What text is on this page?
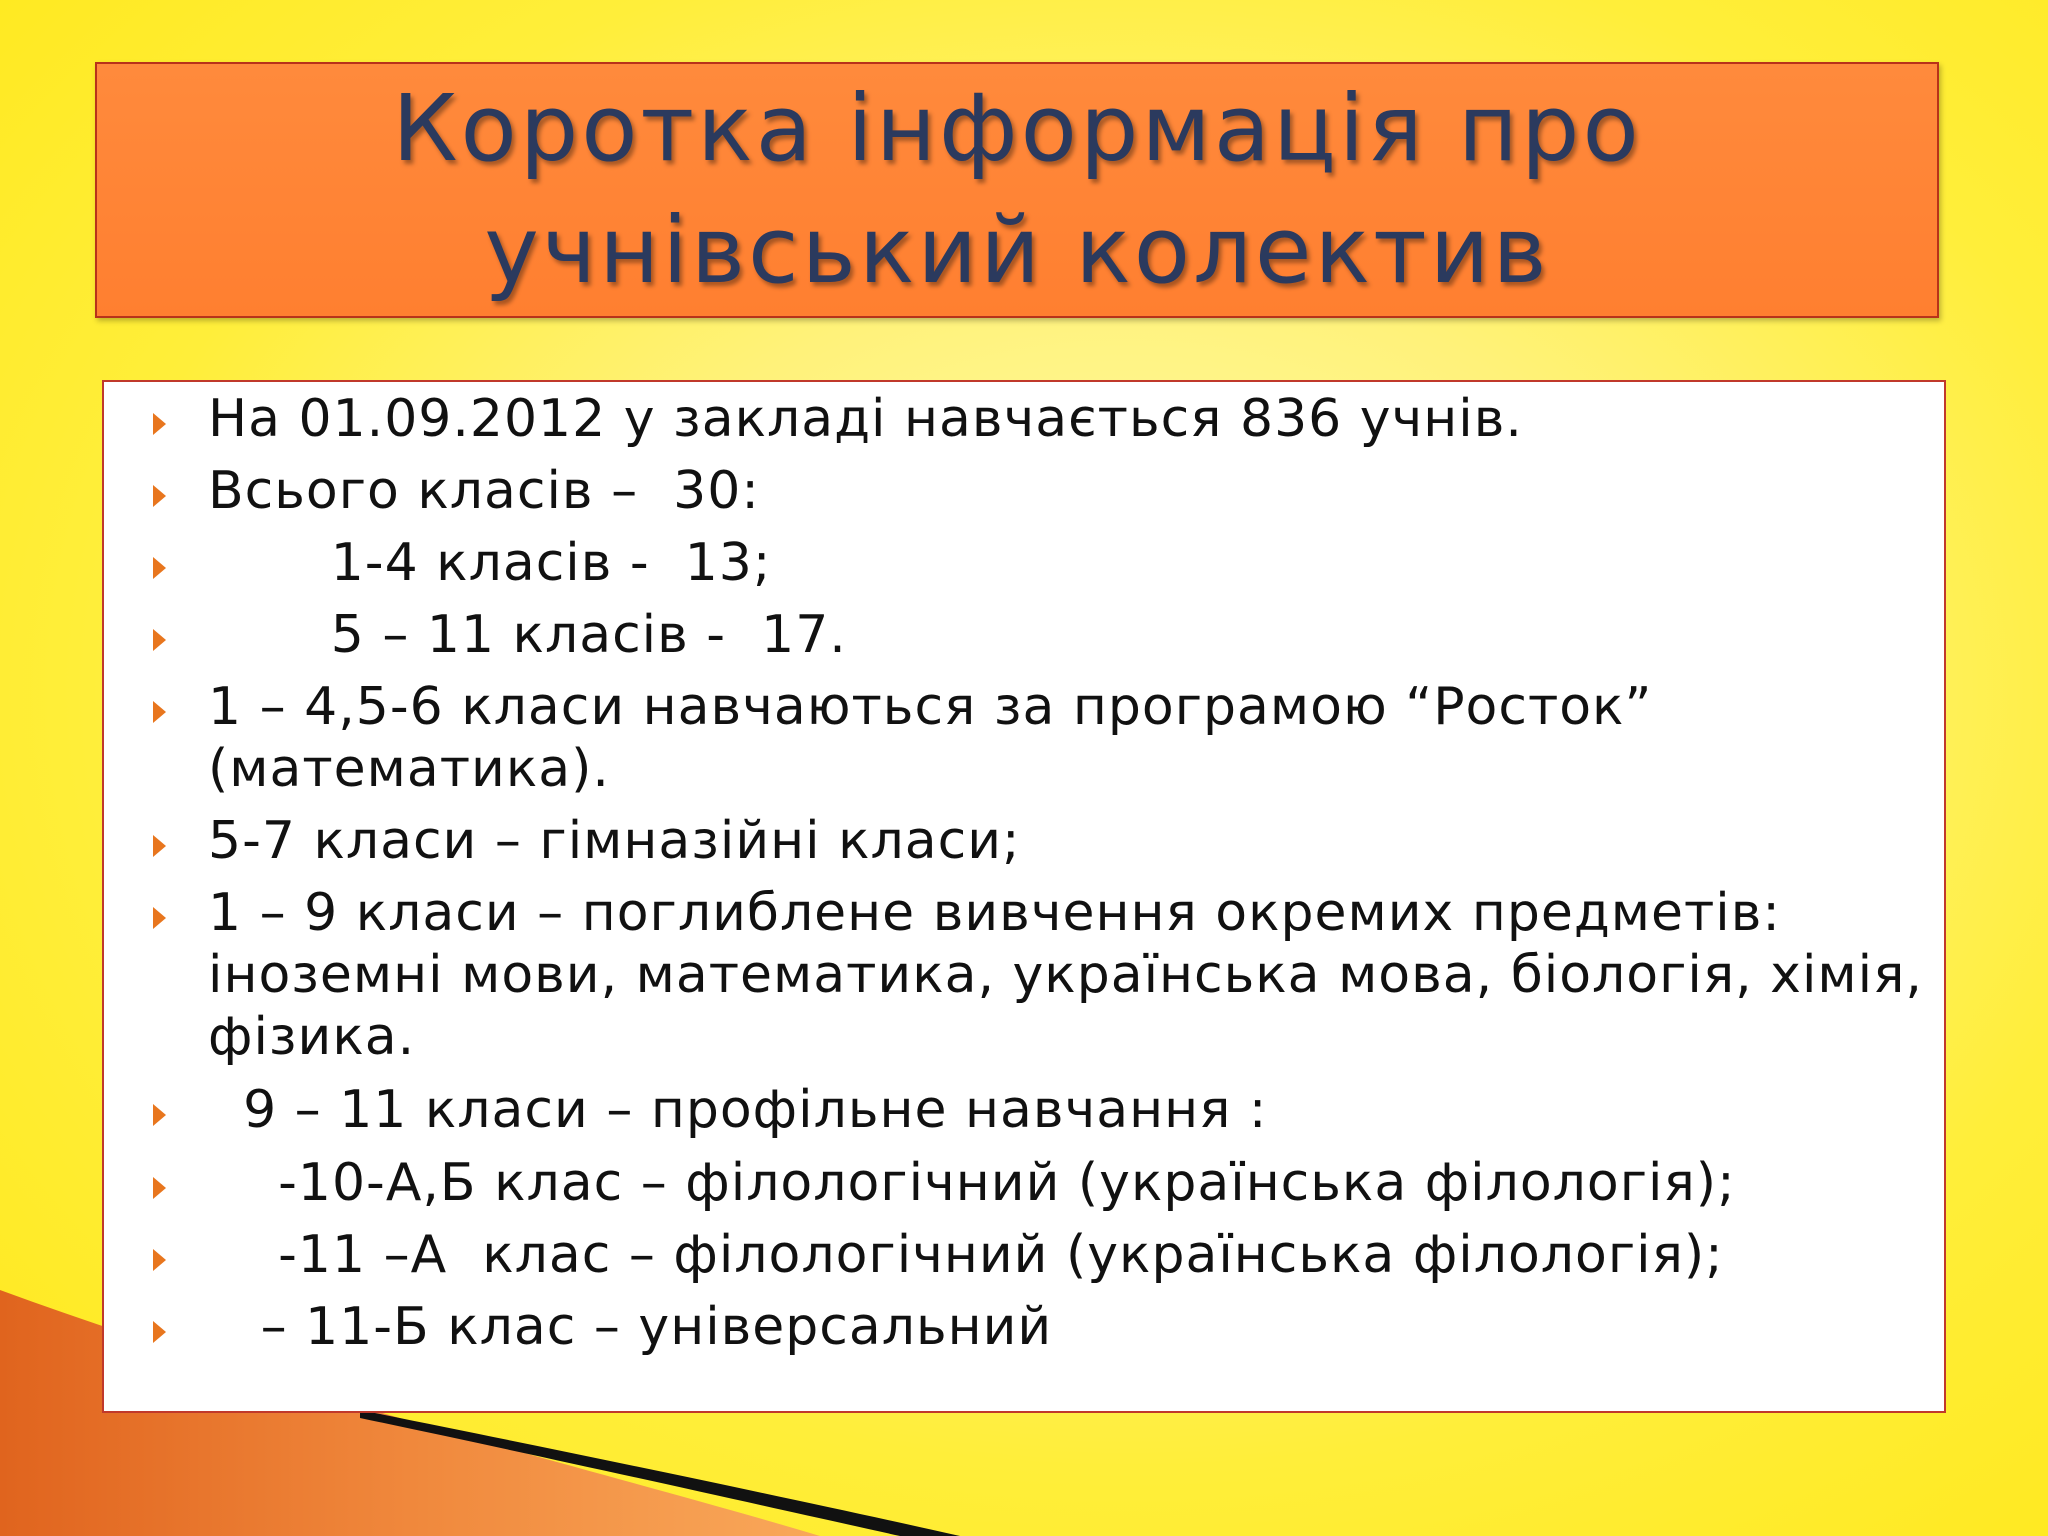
Коротка інформація про учнівський колектив
На 01.09.2012 у закладі навчається 836 учнів.
Всього класів –  30:
1-4 класів -  13;
5 – 11 класів -  17.
1 – 4,5-6 класи навчаються за програмою “Росток” (математика).
5-7 класи – гімназійні класи;
1 – 9 класи – поглиблене вивчення окремих предметів: іноземні мови, математика, українська мова, біологія, хімія, фізика.
9 – 11 класи – профільне навчання :
-10-А,Б клас – філологічний (українська філологія);
-11 –А  клас – філологічний (українська філологія);
– 11-Б клас – універсальний
